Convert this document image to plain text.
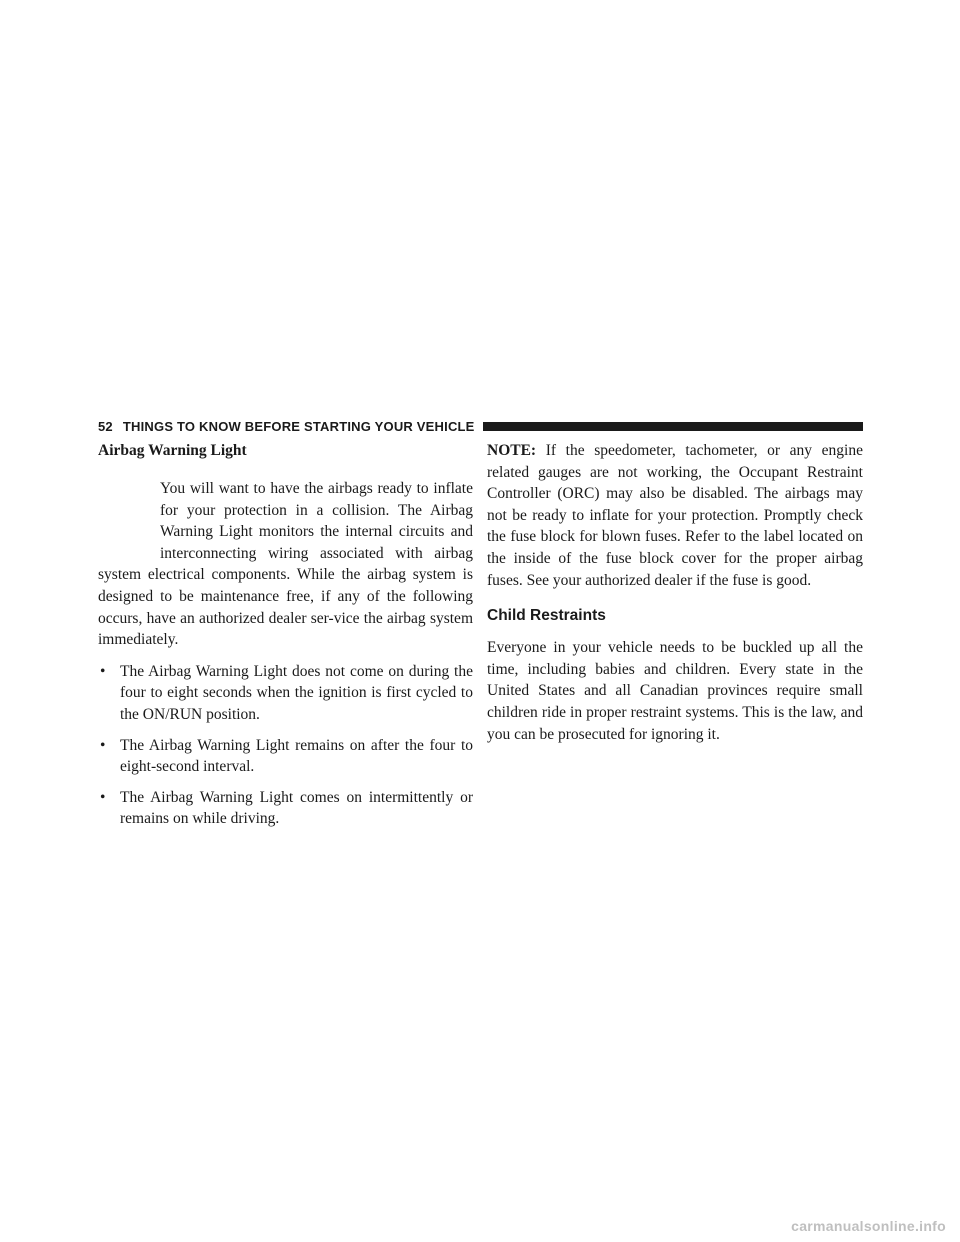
52 THINGS TO KNOW BEFORE STARTING YOUR VEHICLE
Airbag Warning Light

You will want to have the airbags ready to inflate for your protection in a collision. The Airbag Warning Light monitors the internal circuits and interconnecting wiring associated with airbag system electrical components. While the airbag system is designed to be maintenance free, if any of the following occurs, have an authorized dealer ser-vice the airbag system immediately.

• The Airbag Warning Light does not come on during the four to eight seconds when the ignition is first cycled to the ON/RUN position.
• The Airbag Warning Light remains on after the four to eight-second interval.
• The Airbag Warning Light comes on intermittently or remains on while driving.

NOTE: If the speedometer, tachometer, or any engine related gauges are not working, the Occupant Restraint Controller (ORC) may also be disabled. The airbags may not be ready to inflate for your protection. Promptly check the fuse block for blown fuses. Refer to the label located on the inside of the fuse block cover for the proper airbag fuses. See your authorized dealer if the fuse is good.

Child Restraints

Everyone in your vehicle needs to be buckled up all the time, including babies and children. Every state in the United States and all Canadian provinces require small children ride in proper restraint systems. This is the law, and you can be prosecuted for ignoring it.

carmanualsonline.info
